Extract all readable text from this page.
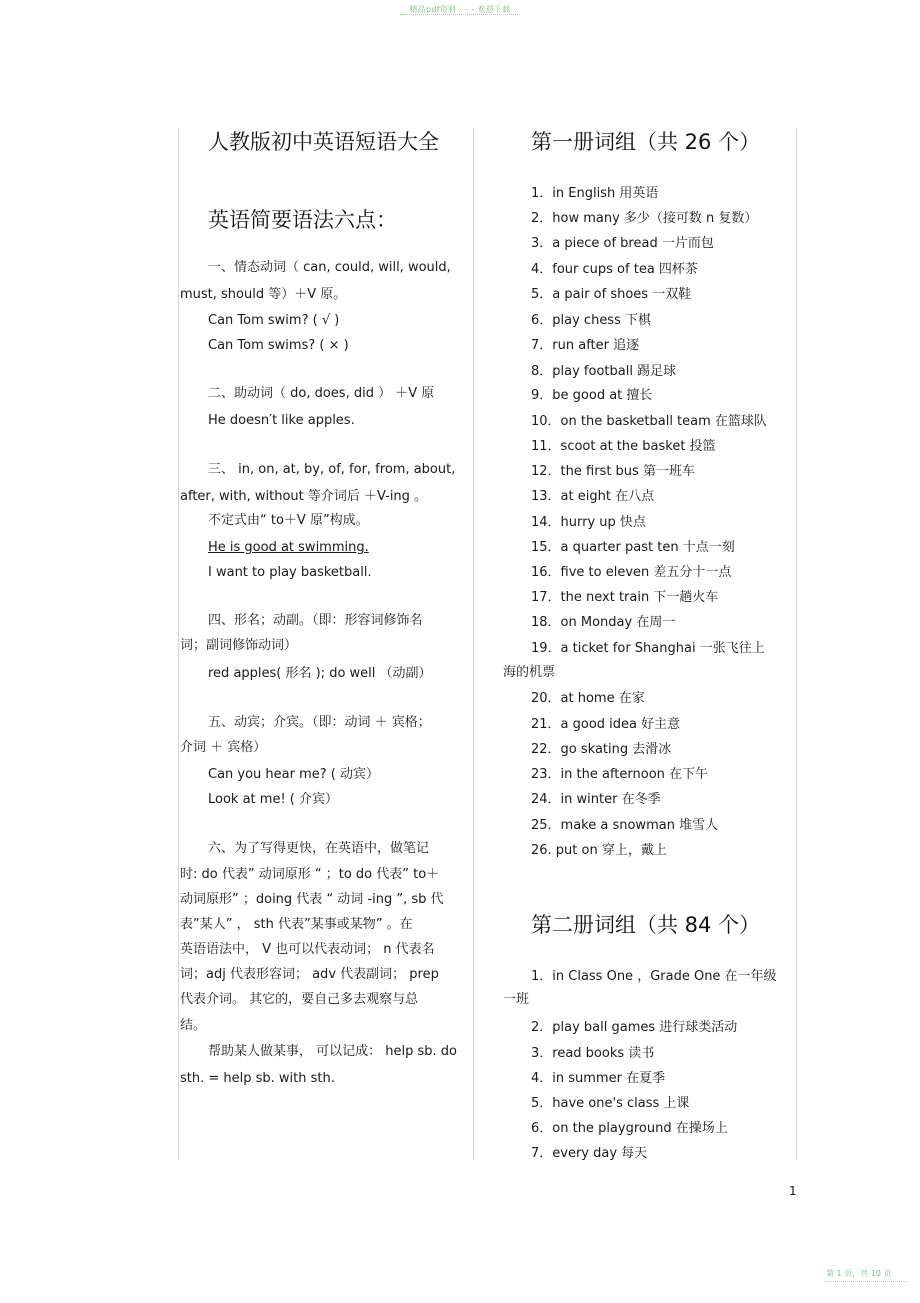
精品pdf资料 - - - 欢迎下载
人教版初中英语短语大全
英语简要语法六点：
一、情态动词（ can, could, will, would,
must, should 等）＋V 原。
Can Tom swim? ( √ )
Can Tom swims? ( × )
二、助动词（ do, does, did ） ＋V 原
He doesn′t like apples.
三、 in, on, at, by, of, for, from, about,
after, with, without 等介词后 ＋V-ing 。
不定式由“ to＋V 原”构成。
He is good at swimming.
I want to play basketball.
四、形名；动副。（即：形容词修饰名
词；副词修饰动词）
red apples( 形名 ); do well （动副）
五、动宾；介宾。（即：动词 ＋ 宾格；
介词 ＋ 宾格）
Can you hear me? ( 动宾）
Look at me! ( 介宾）
六、为了写得更快，在英语中，做笔记
时: do 代表” 动词原形 “ ；to do 代表” to＋
动词原形” ；doing 代表 “ 动词 -ing ”, sb 代
表”某人” ， sth 代表”某事或某物” 。在
英语语法中， V 也可以代表动词； n 代表名
词；adj 代表形容词； adv 代表副词； prep
代表介词。 其它的，要自己多去观察与总
结。
帮助某人做某事， 可以记成： help sb. do
sth. = help sb. with sth.
第一册词组（共 26 个）
1．in English 用英语
2．how many 多少（接可数 n 复数）
3．a piece of bread 一片而包
4．four cups of tea 四杯茶
5．a pair of shoes 一双鞋
6．play chess 下棋
7．run after 追逐
8．play football 踢足球
9．be good at 擅长
10．on the basketball team 在篮球队
11．scoot at the basket 投篮
12．the first bus 第一班车
13．at eight 在八点
14．hurry up 快点
15．a quarter past ten 十点一刻
16．five to eleven 差五分十一点
17．the next train 下一趟火车
18．on Monday 在周一
19．a ticket for Shanghai 一张飞往上
海的机票
20．at home 在家
21．a good idea 好主意
22．go skating 去滑冰
23．in the afternoon 在下午
24．in winter 在冬季
25．make a snowman 堆雪人
26. put on 穿上，戴上
第二册词组（共 84 个）
1．in Class One ，Grade One 在一年级
一班
2．play ball games 进行球类活动
3．read books 读书
4．in summer 在夏季
5．have one's class 上课
6．on the playground 在操场上
7．every day 每天
1
第 1 页，共 10 页
